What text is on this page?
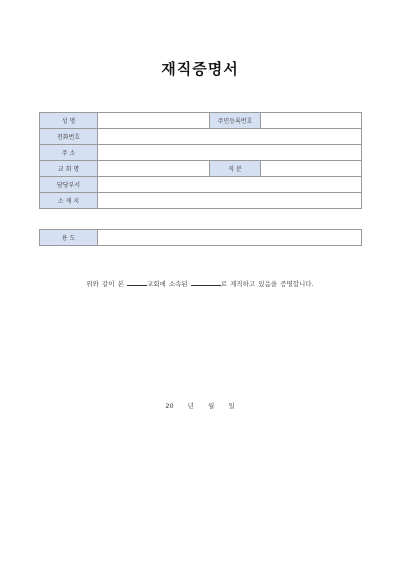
재직증명서
성 명		주민등록번호	
전화번호			
주 소			
교 회 명		직 분	
담당부서			
소 재 지			
용 도	
위와 같이 본	교회에 소속된	로 재직하고 있음을 증명합니다.
20 년 월 일
